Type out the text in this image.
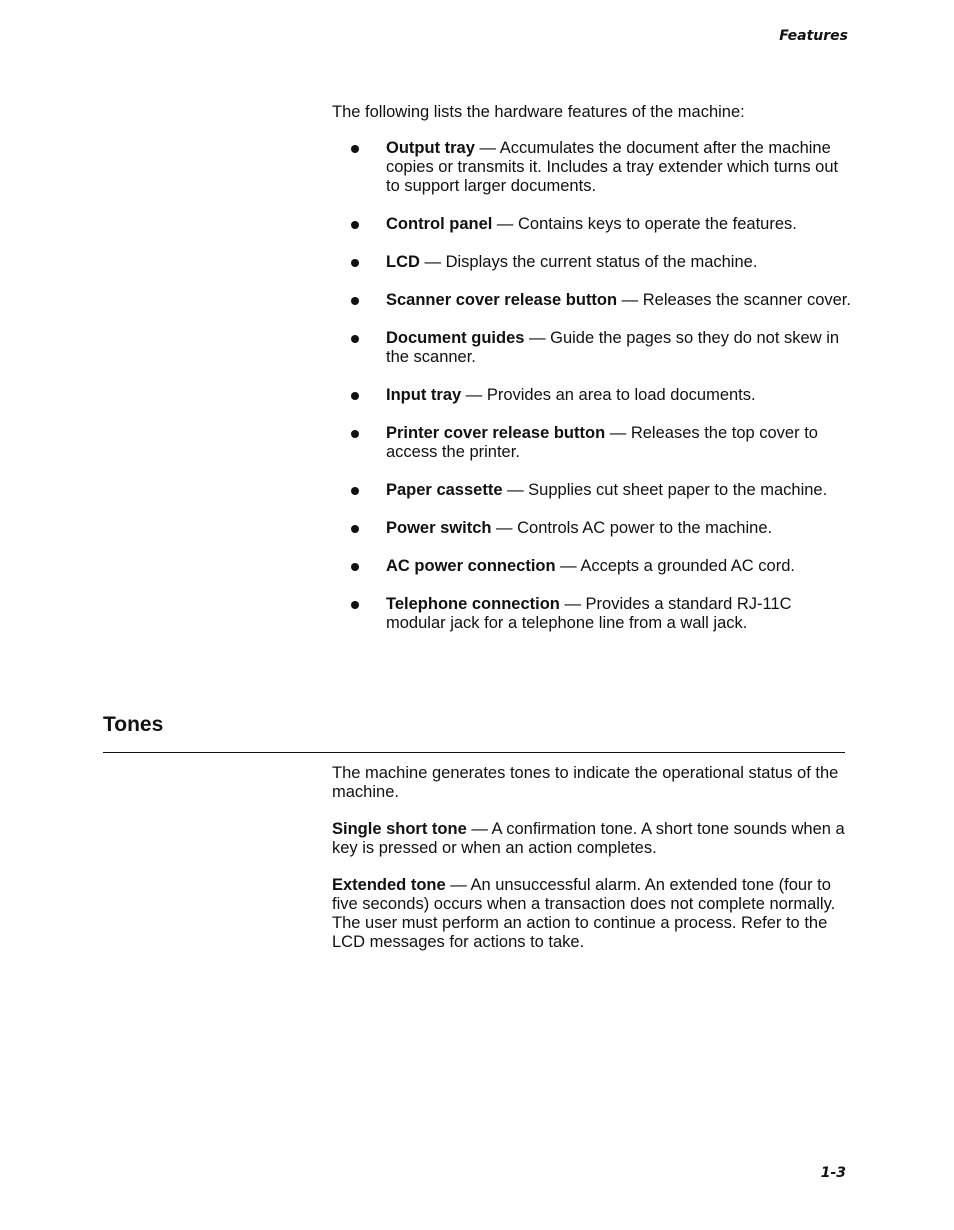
Features
The following lists the hardware features of the machine:
Output tray — Accumulates the document after the machine copies or transmits it. Includes a tray extender which turns out to support larger documents.
Control panel — Contains keys to operate the features.
LCD — Displays the current status of the machine.
Scanner cover release button — Releases the scanner cover.
Document guides — Guide the pages so they do not skew in the scanner.
Input tray — Provides an area to load documents.
Printer cover release button — Releases the top cover to access the printer.
Paper cassette — Supplies cut sheet paper to the machine.
Power switch — Controls AC power to the machine.
AC power connection — Accepts a grounded AC cord.
Telephone connection — Provides a standard RJ-11C modular jack for a telephone line from a wall jack.
Tones

The machine generates tones to indicate the operational status of the machine.

Single short tone — A confirmation tone. A short tone sounds when a key is pressed or when an action completes.

Extended tone — An unsuccessful alarm. An extended tone (four to five seconds) occurs when a transaction does not complete normally. The user must perform an action to continue a process. Refer to the LCD messages for actions to take.

1-3
